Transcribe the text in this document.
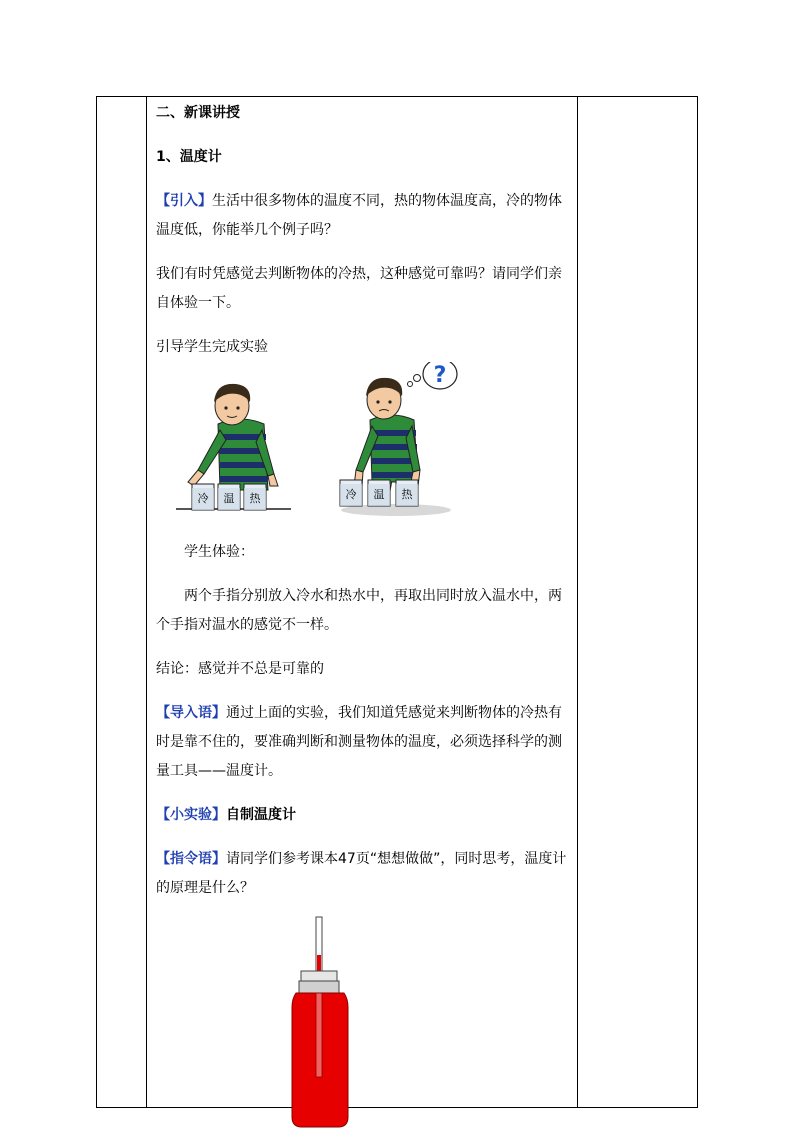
二、新课讲授

1、温度计

【引入】生活中很多物体的温度不同，热的物体温度高，冷的物体温度低，你能举几个例子吗？

我们有时凭感觉去判断物体的冷热，这种感觉可靠吗？请同学们亲自体验一下。

引导学生完成实验

冷 温 热
?
冷 温 热

学生体验：

两个手指分别放入冷水和热水中，再取出同时放入温水中，两个手指对温水的感觉不一样。

结论：感觉并不总是可靠的

【导入语】通过上面的实验，我们知道凭感觉来判断物体的冷热有时是靠不住的，要准确判断和测量物体的温度，必须选择科学的测量工具——温度计。

【小实验】自制温度计

【指令语】请同学们参考课本47页“想想做做”，同时思考，温度计的原理是什么？
